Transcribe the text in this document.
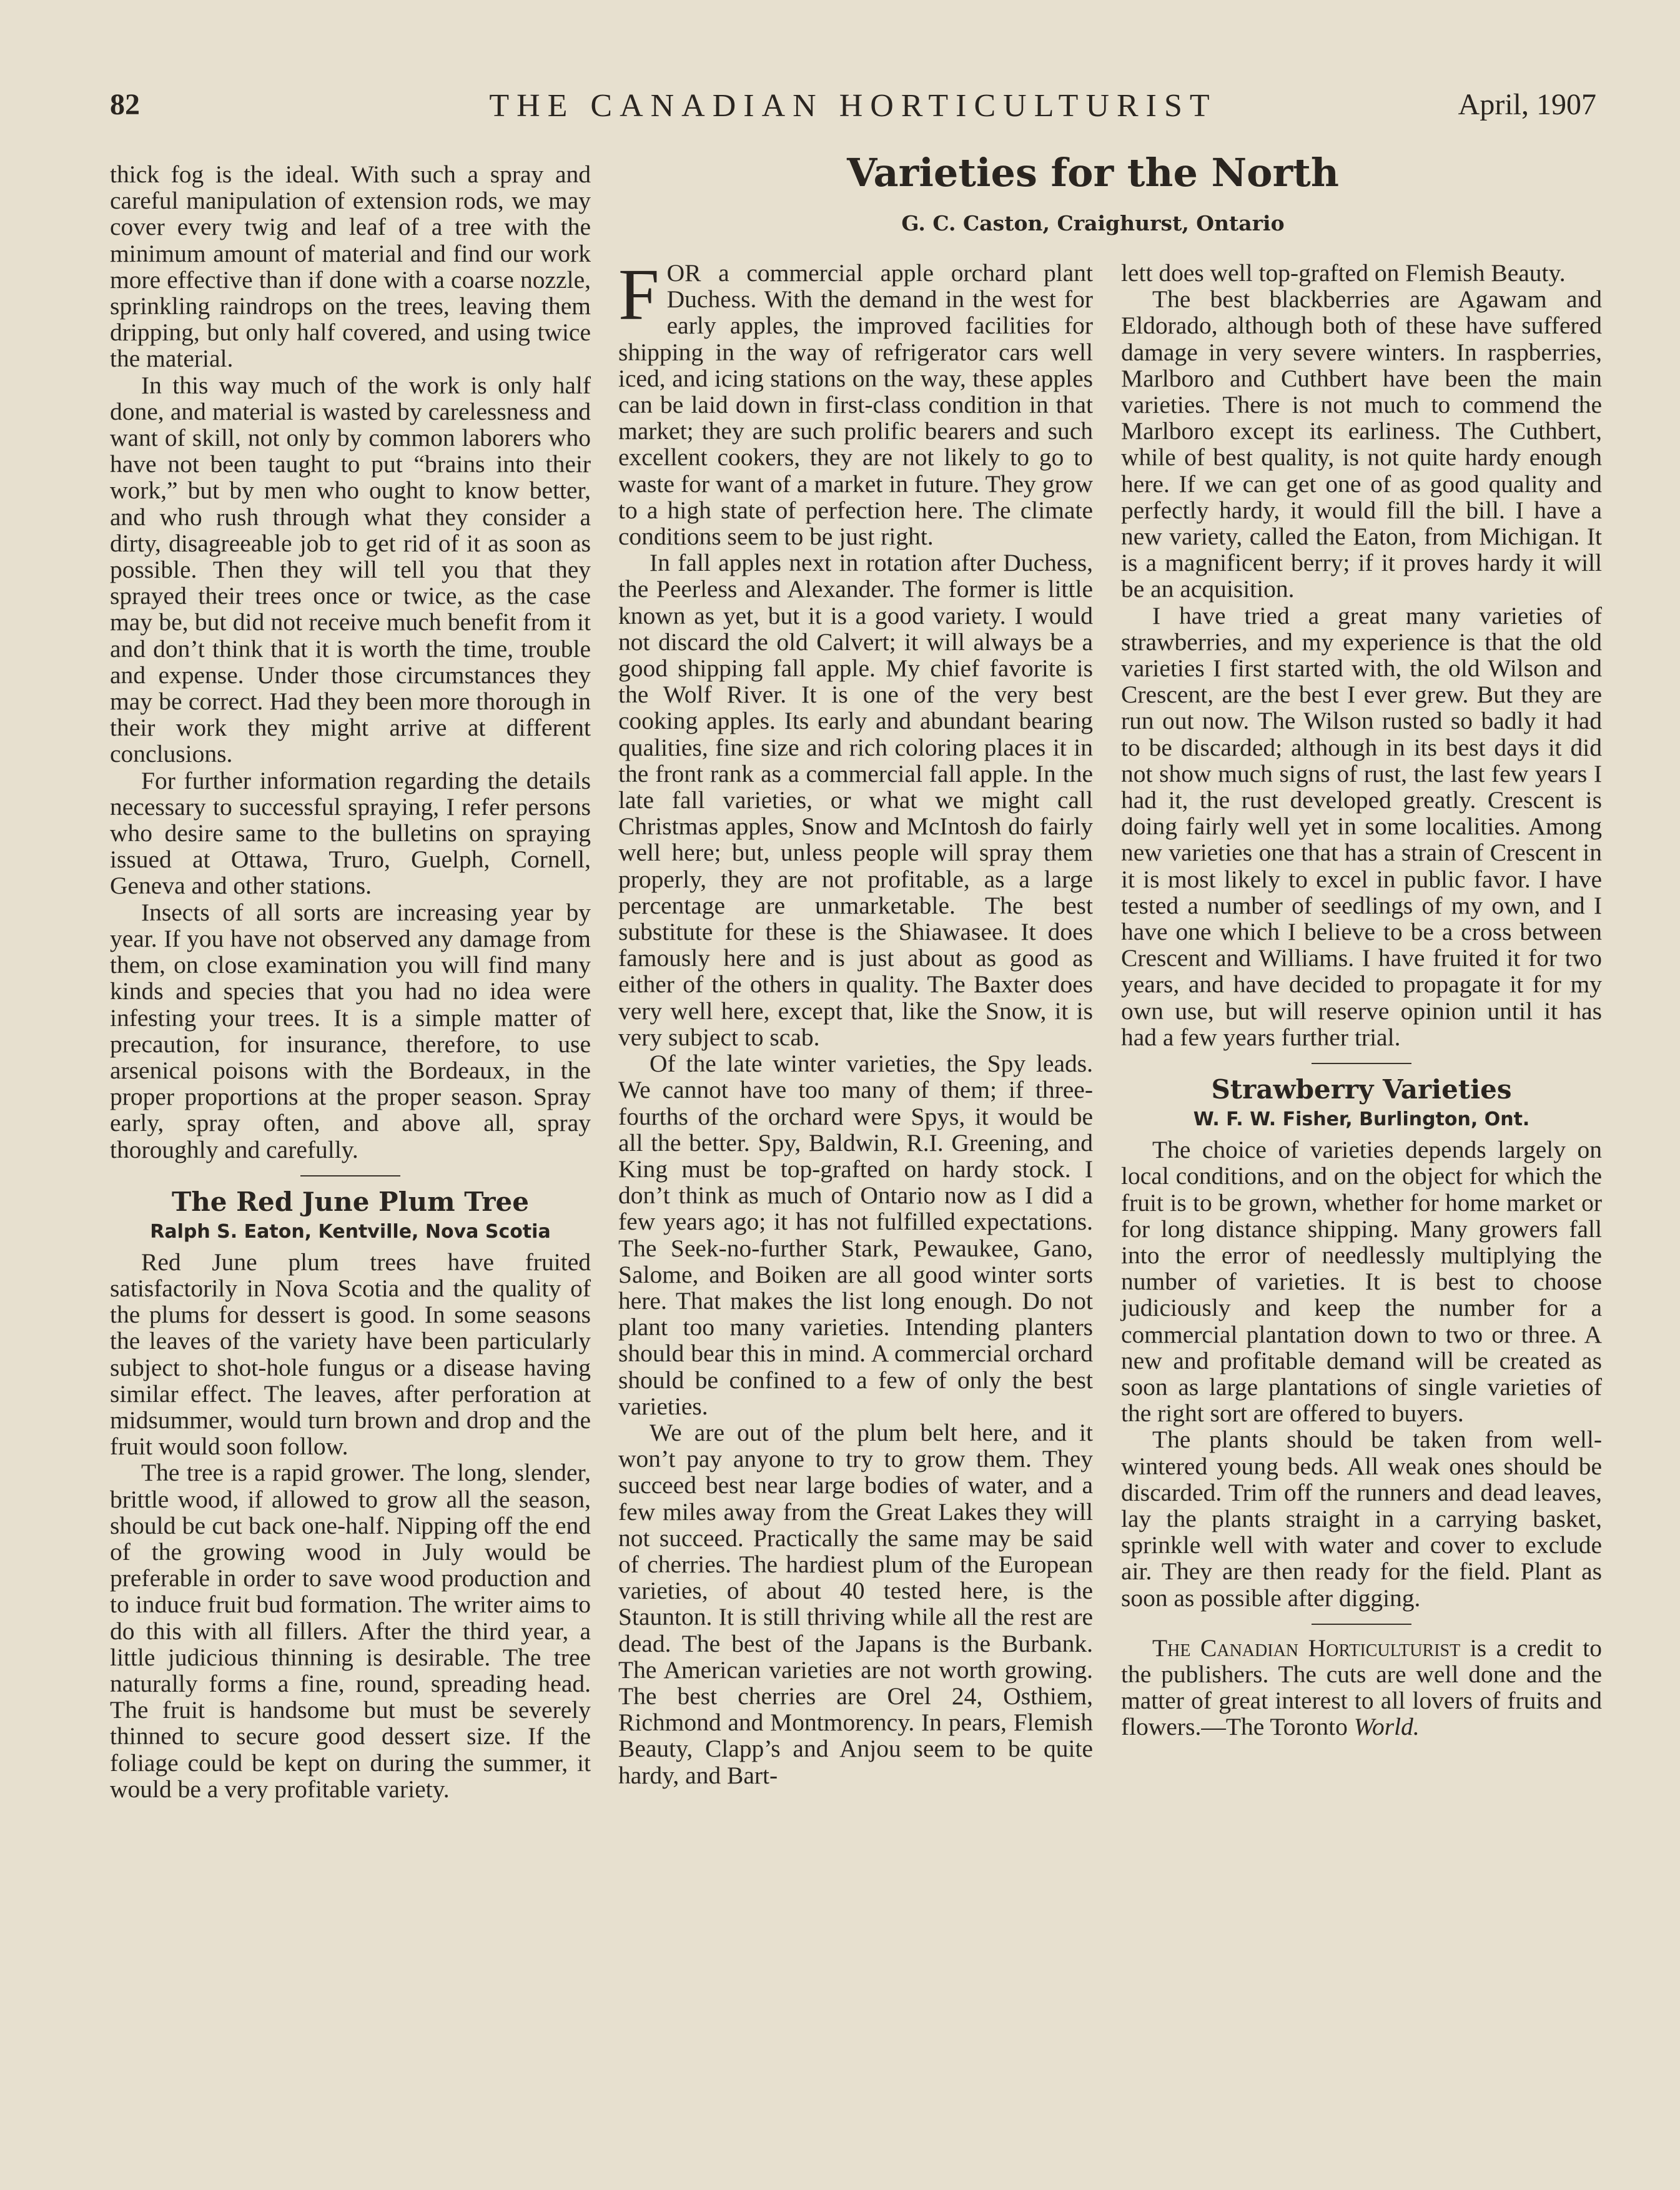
82	THE CANADIAN HORTICULTURIST	April, 1907

thick fog is the ideal. With such a spray and careful manipulation of extension rods, we may cover every twig and leaf of a tree with the minimum amount of material and find our work more effective than if done with a coarse nozzle, sprinkling raindrops on the trees, leaving them dripping, but only half covered, and using twice the material.

In this way much of the work is only half done, and material is wasted by carelessness and want of skill, not only by common laborers who have not been taught to put “brains into their work,” but by men who ought to know better, and who rush through what they consider a dirty, disagreeable job to get rid of it as soon as possible. Then they will tell you that they sprayed their trees once or twice, as the case may be, but did not receive much benefit from it and don’t think that it is worth the time, trouble and expense. Under those circumstances they may be correct. Had they been more thorough in their work they might arrive at different conclusions.

For further information regarding the details necessary to successful spraying, I refer persons who desire same to the bulletins on spraying issued at Ottawa, Truro, Guelph, Cornell, Geneva and other stations.

Insects of all sorts are increasing year by year. If you have not observed any damage from them, on close examination you will find many kinds and species that you had no idea were infesting your trees. It is a simple matter of precaution, for insurance, therefore, to use arsenical poisons with the Bordeaux, in the proper proportions at the proper season. Spray early, spray often, and above all, spray thoroughly and carefully.

The Red June Plum Tree
Ralph S. Eaton, Kentville, Nova Scotia

Red June plum trees have fruited satisfactorily in Nova Scotia and the quality of the plums for dessert is good. In some seasons the leaves of the variety have been particularly subject to shot-hole fungus or a disease having similar effect. The leaves, after perforation at midsummer, would turn brown and drop and the fruit would soon follow.

The tree is a rapid grower. The long, slender, brittle wood, if allowed to grow all the season, should be cut back one-half. Nipping off the end of the growing wood in July would be preferable in order to save wood production and to induce fruit bud formation. The writer aims to do this with all fillers. After the third year, a little judicious thinning is desirable. The tree naturally forms a fine, round, spreading head. The fruit is handsome but must be severely thinned to secure good dessert size. If the foliage could be kept on during the summer, it would be a very profitable variety.

Varieties for the North
G. C. Caston, Craighurst, Ontario

FOR a commercial apple orchard plant Duchess. With the demand in the west for early apples, the improved facilities for shipping in the way of refrigerator cars well iced, and icing stations on the way, these apples can be laid down in first-class condition in that market; they are such prolific bearers and such excellent cookers, they are not likely to go to waste for want of a market in future. They grow to a high state of perfection here. The climate conditions seem to be just right.

In fall apples next in rotation after Duchess, the Peerless and Alexander. The former is little known as yet, but it is a good variety. I would not discard the old Calvert; it will always be a good shipping fall apple. My chief favorite is the Wolf River. It is one of the very best cooking apples. Its early and abundant bearing qualities, fine size and rich coloring places it in the front rank as a commercial fall apple. In the late fall varieties, or what we might call Christmas apples, Snow and McIntosh do fairly well here; but, unless people will spray them properly, they are not profitable, as a large percentage are unmarketable. The best substitute for these is the Shiawasee. It does famously here and is just about as good as either of the others in quality. The Baxter does very well here, except that, like the Snow, it is very subject to scab.

Of the late winter varieties, the Spy leads. We cannot have too many of them; if three-fourths of the orchard were Spys, it would be all the better. Spy, Baldwin, R.I. Greening, and King must be top-grafted on hardy stock. I don’t think as much of Ontario now as I did a few years ago; it has not fulfilled expectations. The Seek-no-further Stark, Pewaukee, Gano, Salome, and Boiken are all good winter sorts here. That makes the list long enough. Do not plant too many varieties. Intending planters should bear this in mind. A commercial orchard should be confined to a few of only the best varieties.

We are out of the plum belt here, and it won’t pay anyone to try to grow them. They succeed best near large bodies of water, and a few miles away from the Great Lakes they will not succeed. Practically the same may be said of cherries. The hardiest plum of the European varieties, of about 40 tested here, is the Staunton. It is still thriving while all the rest are dead. The best of the Japans is the Burbank. The American varieties are not worth growing. The best cherries are Orel 24, Osthiem, Richmond and Montmorency. In pears, Flemish Beauty, Clapp’s and Anjou seem to be quite hardy, and Bart-

lett does well top-grafted on Flemish Beauty.

The best blackberries are Agawam and Eldorado, although both of these have suffered damage in very severe winters. In raspberries, Marlboro and Cuthbert have been the main varieties. There is not much to commend the Marlboro except its earliness. The Cuthbert, while of best quality, is not quite hardy enough here. If we can get one of as good quality and perfectly hardy, it would fill the bill. I have a new variety, called the Eaton, from Michigan. It is a magnificent berry; if it proves hardy it will be an acquisition.

I have tried a great many varieties of strawberries, and my experience is that the old varieties I first started with, the old Wilson and Crescent, are the best I ever grew. But they are run out now. The Wilson rusted so badly it had to be discarded; although in its best days it did not show much signs of rust, the last few years I had it, the rust developed greatly. Crescent is doing fairly well yet in some localities. Among new varieties one that has a strain of Crescent in it is most likely to excel in public favor. I have tested a number of seedlings of my own, and I have one which I believe to be a cross between Crescent and Williams. I have fruited it for two years, and have decided to propagate it for my own use, but will reserve opinion until it has had a few years further trial.

Strawberry Varieties
W. F. W. Fisher, Burlington, Ont.

The choice of varieties depends largely on local conditions, and on the object for which the fruit is to be grown, whether for home market or for long distance shipping. Many growers fall into the error of needlessly multiplying the number of varieties. It is best to choose judiciously and keep the number for a commercial plantation down to two or three. A new and profitable demand will be created as soon as large plantations of single varieties of the right sort are offered to buyers.

The plants should be taken from well-wintered young beds. All weak ones should be discarded. Trim off the runners and dead leaves, lay the plants straight in a carrying basket, sprinkle well with water and cover to exclude air. They are then ready for the field. Plant as soon as possible after digging.

The Canadian Horticulturist is a credit to the publishers. The cuts are well done and the matter of great interest to all lovers of fruits and flowers.—The Toronto World.
